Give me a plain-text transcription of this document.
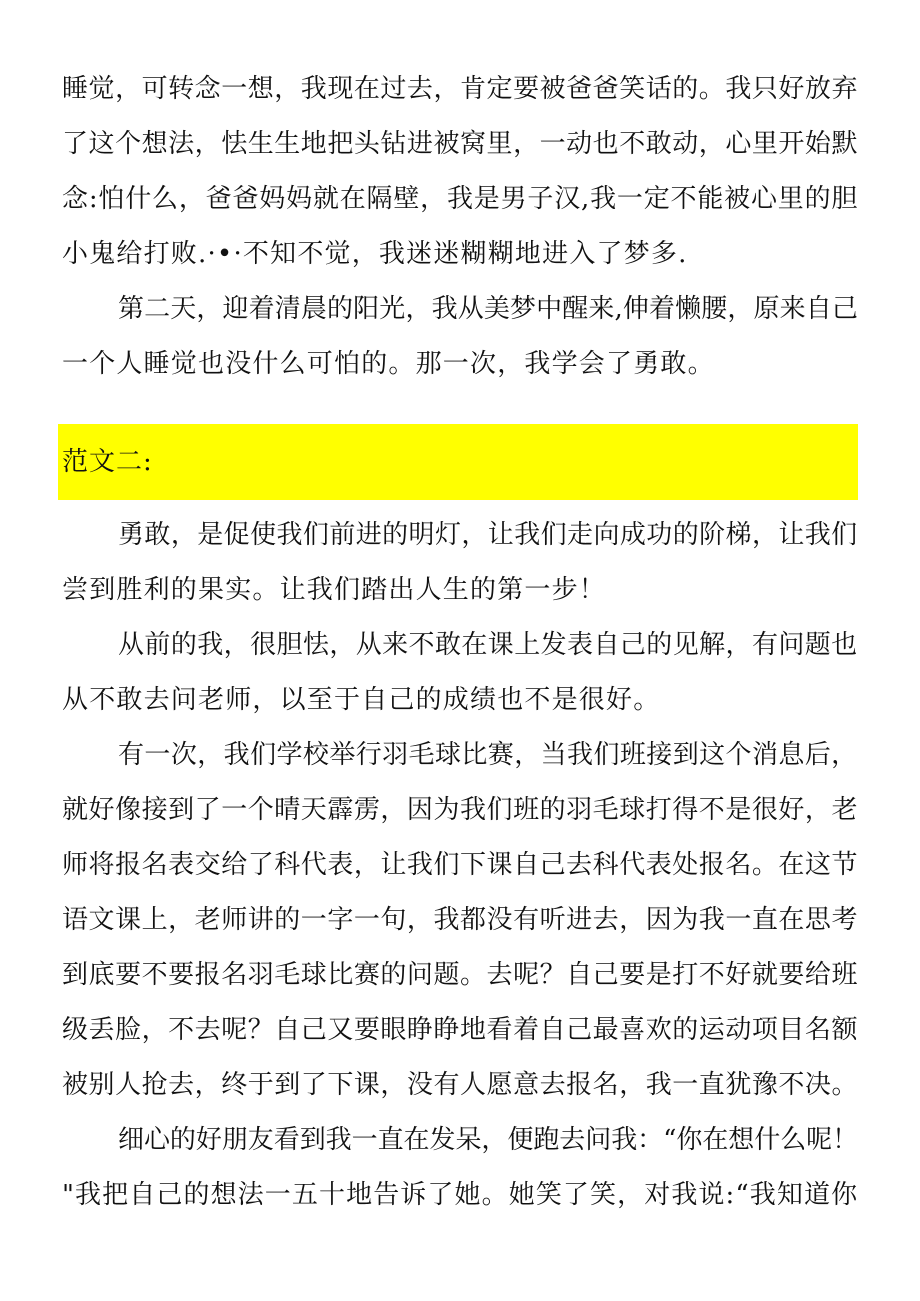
睡觉，可转念一想，我现在过去，肯定要被爸爸笑话的。我只好放弃
了这个想法，怯生生地把头钻进被窝里，一动也不敢动，心里开始默
念:怕什么，爸爸妈妈就在隔壁，我是男子汉,我一定不能被心里的胆
小鬼给打败.·•·不知不觉，我迷迷糊糊地进入了梦多.
第二天，迎着清晨的阳光，我从美梦中醒来,伸着懒腰，原来自己
一个人睡觉也没什么可怕的。那一次，我学会了勇敢。
范文二:
勇敢，是促使我们前进的明灯，让我们走向成功的阶梯，让我们
尝到胜利的果实。让我们踏出人生的第一步！
从前的我，很胆怯，从来不敢在课上发表自己的见解，有问题也
从不敢去问老师，以至于自己的成绩也不是很好。
有一次，我们学校举行羽毛球比赛，当我们班接到这个消息后，
就好像接到了一个晴天霹雳，因为我们班的羽毛球打得不是很好，老
师将报名表交给了科代表，让我们下课自己去科代表处报名。在这节
语文课上，老师讲的一字一句，我都没有听进去，因为我一直在思考
到底要不要报名羽毛球比赛的问题。去呢？自己要是打不好就要给班
级丢脸，不去呢？自己又要眼睁睁地看着自己最喜欢的运动项目名额
被别人抢去，终于到了下课，没有人愿意去报名，我一直犹豫不决。
细心的好朋友看到我一直在发呆，便跑去问我：“你在想什么呢！
"我把自己的想法一五十地告诉了她。她笑了笑，对我说:“我知道你
